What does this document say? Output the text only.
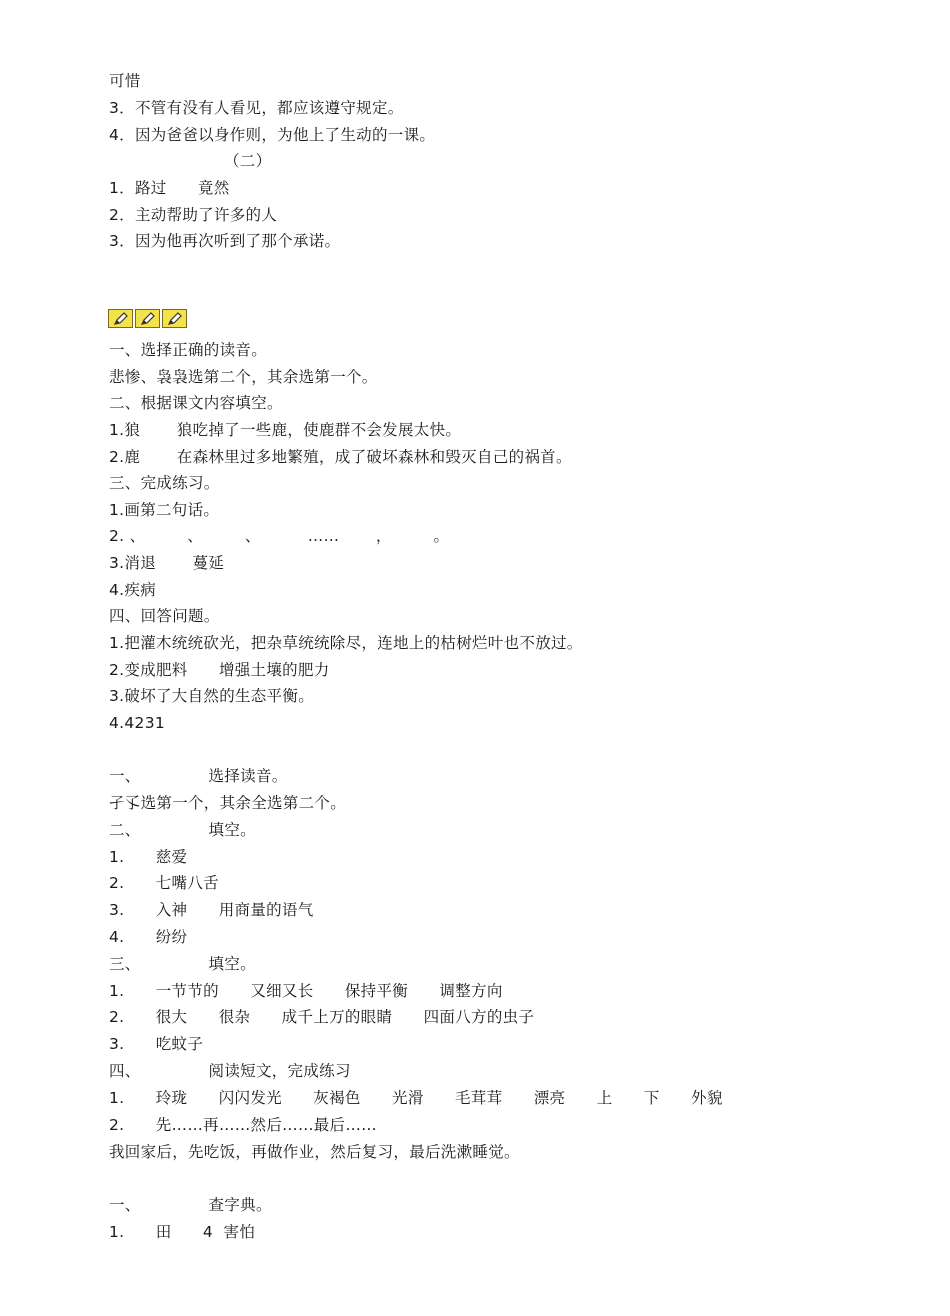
可惜
3．不管有没有人看见，都应该遵守规定。
4．因为爸爸以身作则，为他上了生动的一课。
（二）
1．路过      竟然
2．主动帮助了许多的人
3．因为他再次听到了那个承诺。
一、选择正确的读音。
悲惨、袅袅选第二个，其余选第一个。
二、根据课文内容填空。
1.狼       狼吃掉了一些鹿，使鹿群不会发展太快。
2.鹿       在森林里过多地繁殖，成了破坏森林和毁灭自己的祸首。
三、完成练习。
1.画第二句话。
2. 、        、        、         ……       ，        。
3.消退       蔓延
4.疾病
四、回答问题。
1.把灌木统统砍光，把杂草统统除尽，连地上的枯树烂叶也不放过。
2.变成肥料      增强土壤的肥力
3.破坏了大自然的生态平衡。
4.4231
一、             选择读音。
孑孓选第一个，其余全选第二个。
二、             填空。
1.      慈爱
2.      七嘴八舌
3.      入神      用商量的语气
4.      纷纷
三、             填空。
1.      一节节的      又细又长      保持平衡      调整方向
2.      很大      很杂      成千上万的眼睛      四面八方的虫子
3.      吃蚊子
四、             阅读短文，完成练习
1.      玲珑      闪闪发光      灰褐色      光滑      毛茸茸      漂亮      上      下      外貌
2.      先……再……然后……最后……
我回家后，先吃饭，再做作业，然后复习，最后洗漱睡觉。
一、             查字典。
1.      田      4  害怕
